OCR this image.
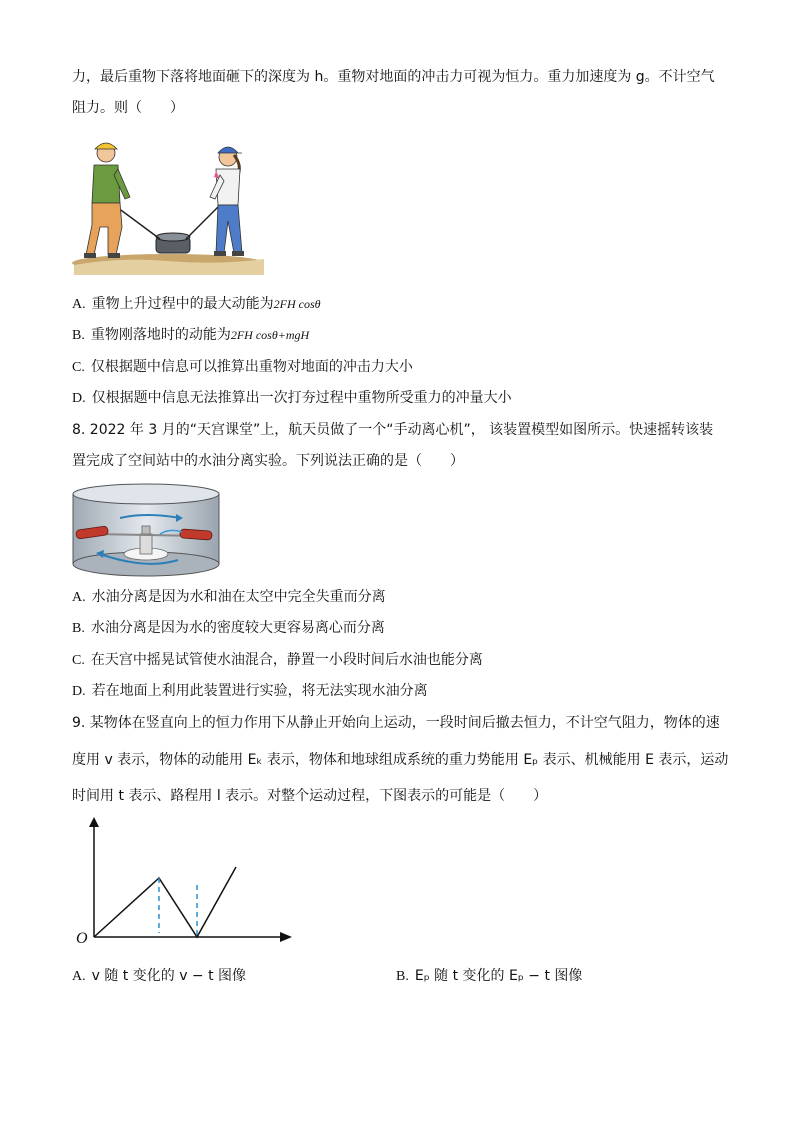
力，最后重物下落将地面砸下的深度为 h。重物对地面的冲击力可视为恒力。重力加速度为 g。不计空气
阻力。则（　　）
A. 重物上升过程中的最大动能为2FH cosθ
B. 重物刚落地时的动能为2FH cosθ+mgH
C. 仅根据题中信息可以推算出重物对地面的冲击力大小
D. 仅根据题中信息无法推算出一次打夯过程中重物所受重力的冲量大小
8. 2022 年 3 月的“天宫课堂”上，航天员做了一个“手动离心机”， 该装置模型如图所示。快速摇转该装
置完成了空间站中的水油分离实验。下列说法正确的是（　　）
A. 水油分离是因为水和油在太空中完全失重而分离
B. 水油分离是因为水的密度较大更容易离心而分离
C. 在天宫中摇晃试管使水油混合，静置一小段时间后水油也能分离
D. 若在地面上利用此装置进行实验，将无法实现水油分离
9. 某物体在竖直向上的恒力作用下从静止开始向上运动，一段时间后撤去恒力，不计空气阻力，物体的速
度用 v 表示，物体的动能用 Eₖ 表示，物体和地球组成系统的重力势能用 Eₚ 表示、机械能用 E 表示，运动
时间用 t 表示、路程用 l 表示。对整个运动过程，下图表示的可能是（　　）
O
A. v 随 t 变化的 v − t 图像	B. Eₚ 随 t 变化的 Eₚ − t 图像
